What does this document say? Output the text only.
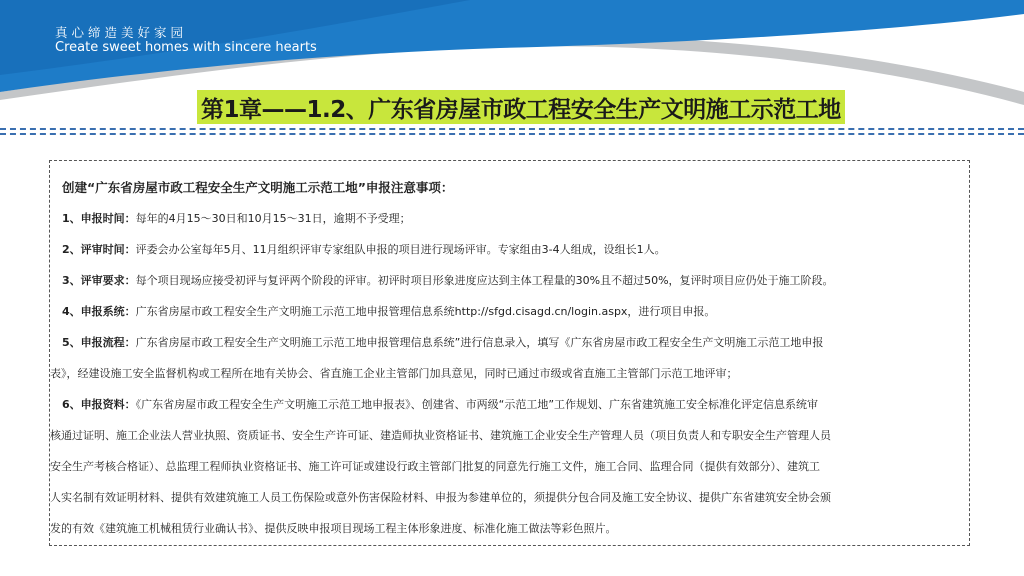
真心缔造美好家园
Create sweet homes with sincere hearts
第1章——1.2、广东省房屋市政工程安全生产文明施工示范工地
创建“广东省房屋市政工程安全生产文明施工示范工地”申报注意事项：
1、申报时间：每年的4月15～30日和10月15～31日，逾期不予受理；
2、评审时间：评委会办公室每年5月、11月组织评审专家组队申报的项目进行现场评审。专家组由3-4人组成，设组长1人。
3、评审要求：每个项目现场应接受初评与复评两个阶段的评审。初评时项目形象进度应达到主体工程量的30%且不超过50%，复评时项目应仍处于施工阶段。
4、申报系统：广东省房屋市政工程安全生产文明施工示范工地申报管理信息系统http://sfgd.cisagd.cn/login.aspx，进行项目申报。
5、申报流程：广东省房屋市政工程安全生产文明施工示范工地申报管理信息系统”进行信息录入，填写《广东省房屋市政工程安全生产文明施工示范工地申报
表》，经建设施工安全监督机构或工程所在地有关协会、省直施工企业主管部门加具意见，同时已通过市级或省直施工主管部门示范工地评审；
6、申报资料：《广东省房屋市政工程安全生产文明施工示范工地申报表》、创建省、市两级“示范工地”工作规划、广东省建筑施工安全标准化评定信息系统审
核通过证明、施工企业法人营业执照、资质证书、安全生产许可证、建造师执业资格证书、建筑施工企业安全生产管理人员（项目负责人和专职安全生产管理人员
安全生产考核合格证）、总监理工程师执业资格证书、施工许可证或建设行政主管部门批复的同意先行施工文件，施工合同、监理合同（提供有效部分）、建筑工
人实名制有效证明材料、提供有效建筑施工人员工伤保险或意外伤害保险材料、申报为参建单位的，须提供分包合同及施工安全协议、提供广东省建筑安全协会颁
发的有效《建筑施工机械租赁行业确认书》、提供反映申报项目现场工程主体形象进度、标准化施工做法等彩色照片。
